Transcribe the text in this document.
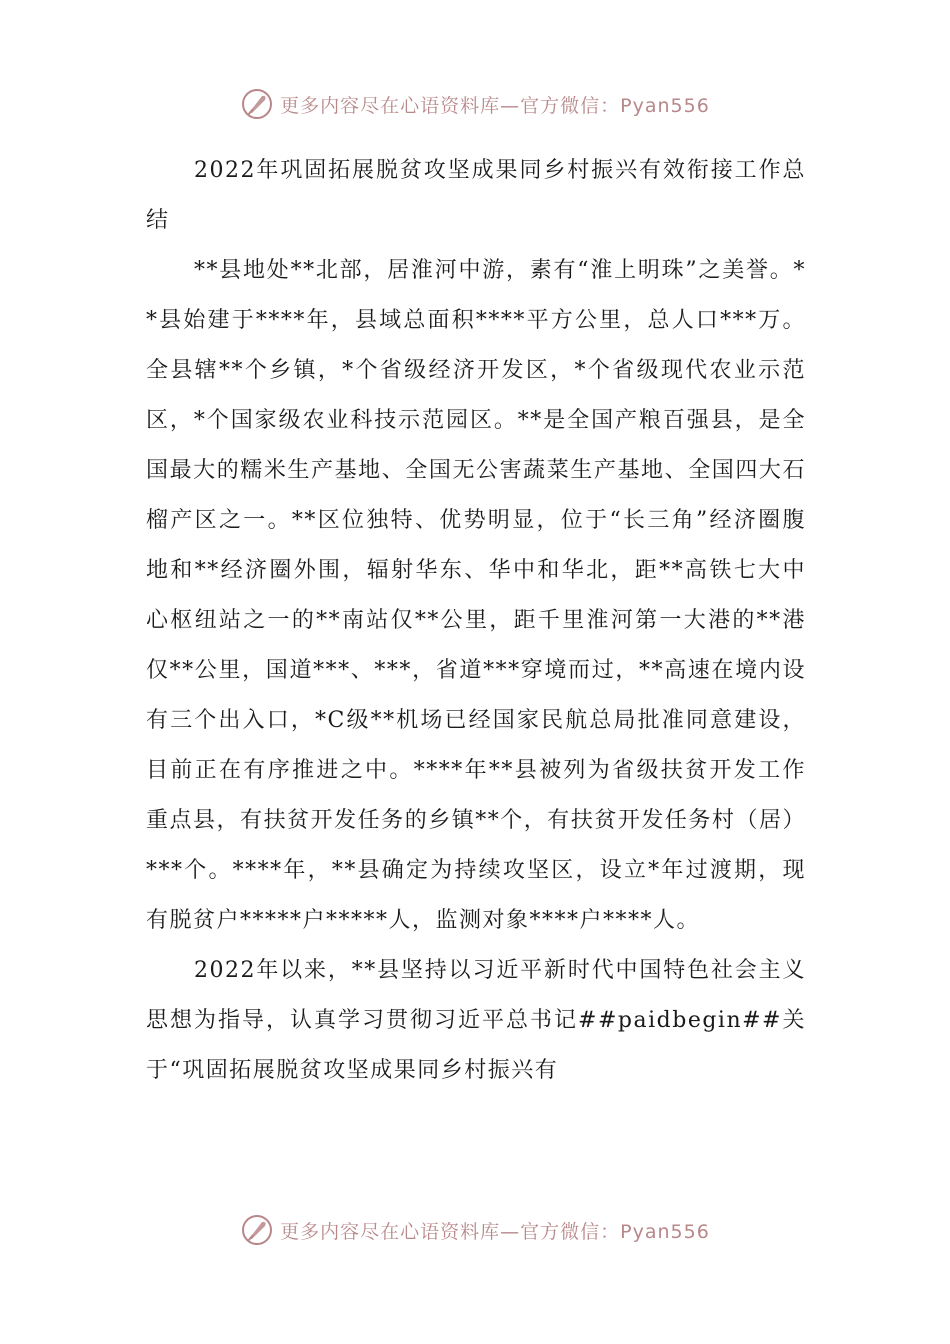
更多内容尽在心语资料库—官方微信：Pyan556
2022年巩固拓展脱贫攻坚成果同乡村振兴有效衔接工作总结

**县地处**北部，居淮河中游，素有“淮上明珠”之美誉。**县始建于****年，县域总面积****平方公里，总人口***万。全县辖**个乡镇，*个省级经济开发区，*个省级现代农业示范区，*个国家级农业科技示范园区。**是全国产粮百强县，是全国最大的糯米生产基地、全国无公害蔬菜生产基地、全国四大石榴产区之一。**区位独特、优势明显，位于“长三角”经济圈腹地和**经济圈外围，辐射华东、华中和华北，距**高铁七大中心枢纽站之一的**南站仅**公里，距千里淮河第一大港的**港仅**公里，国道***、***，省道***穿境而过，**高速在境内设有三个出入口，*C级**机场已经国家民航总局批准同意建设，目前正在有序推进之中。****年**县被列为省级扶贫开发工作重点县，有扶贫开发任务的乡镇**个，有扶贫开发任务村（居）***个。****年，**县确定为持续攻坚区，设立*年过渡期，现有脱贫户*****户*****人，监测对象****户****人。

2022年以来，**县坚持以习近平新时代中国特色社会主义思想为指导，认真学习贯彻习近平总书记##paidbegin##关于“巩固拓展脱贫攻坚成果同乡村振兴有

更多内容尽在心语资料库—官方微信：Pyan556
